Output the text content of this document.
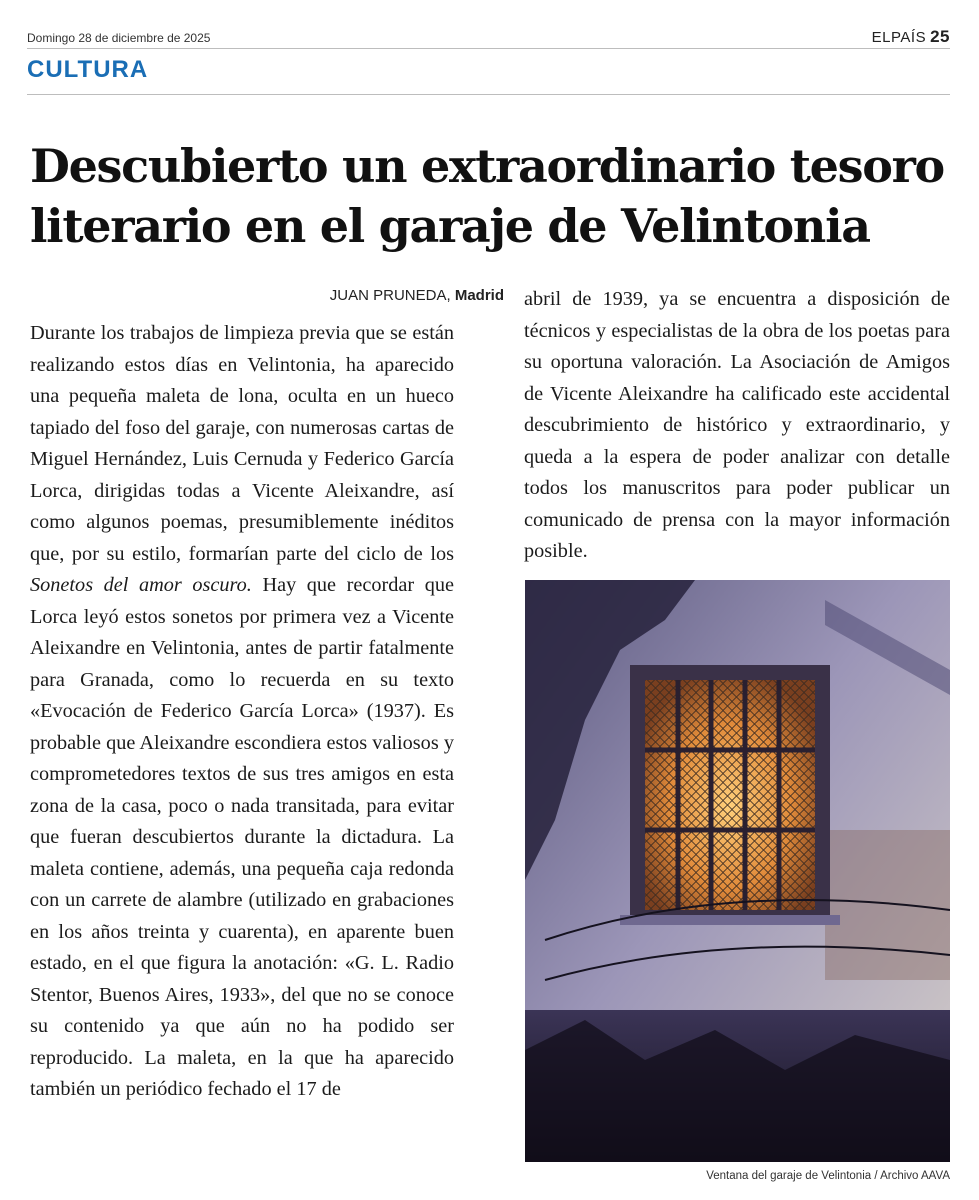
Domingo 28 de diciembre de 2025	ELPAÍS 25
CULTURA
Descubierto un extraordinario tesoro
literario en el garaje de Velintonia
JUAN PRUNEDA, Madrid
Durante los trabajos de limpieza previa que se están realizando estos días en Velintonia, ha aparecido una pequeña maleta de lona, oculta en un hueco tapiado del foso del garaje, con numerosas cartas de Miguel Hernández, Luis Cernuda y Federico García Lorca, dirigidas todas a Vicente Aleixandre, así como algunos poemas, presumiblemente inéditos que, por su estilo, formarían parte del ciclo de los Sonetos del amor oscuro. Hay que recordar que Lorca leyó estos sonetos por primera vez a Vicente Aleixandre en Velintonia, antes de partir fatalmente para Granada, como lo recuerda en su texto «Evocación de Federico García Lorca» (1937). Es probable que Aleixandre escondiera estos valiosos y comprometedores textos de sus tres amigos en esta zona de la casa, poco o nada transitada, para evitar que fueran descubiertos durante la dictadura. La maleta contiene, además, una pequeña caja redonda con un carrete de alambre (utilizado en grabaciones en los años treinta y cuarenta), en aparente buen estado, en el que figura la anotación: «G. L. Radio Stentor, Buenos Aires, 1933», del que no se conoce su contenido ya que aún no ha podido ser reproducido. La maleta, en la que ha aparecido también un periódico fechado el 17 de
abril de 1939, ya se encuentra a disposición de técnicos y especialistas de la obra de los poetas para su oportuna valoración. La Asociación de Amigos de Vicente Aleixandre ha calificado este accidental descubrimiento de histórico y extraordinario, y queda a la espera de poder analizar con detalle todos los manuscritos para poder publicar un comunicado de prensa con la mayor información posible.
Ventana del garaje de Velintonia / Archivo AAVA
